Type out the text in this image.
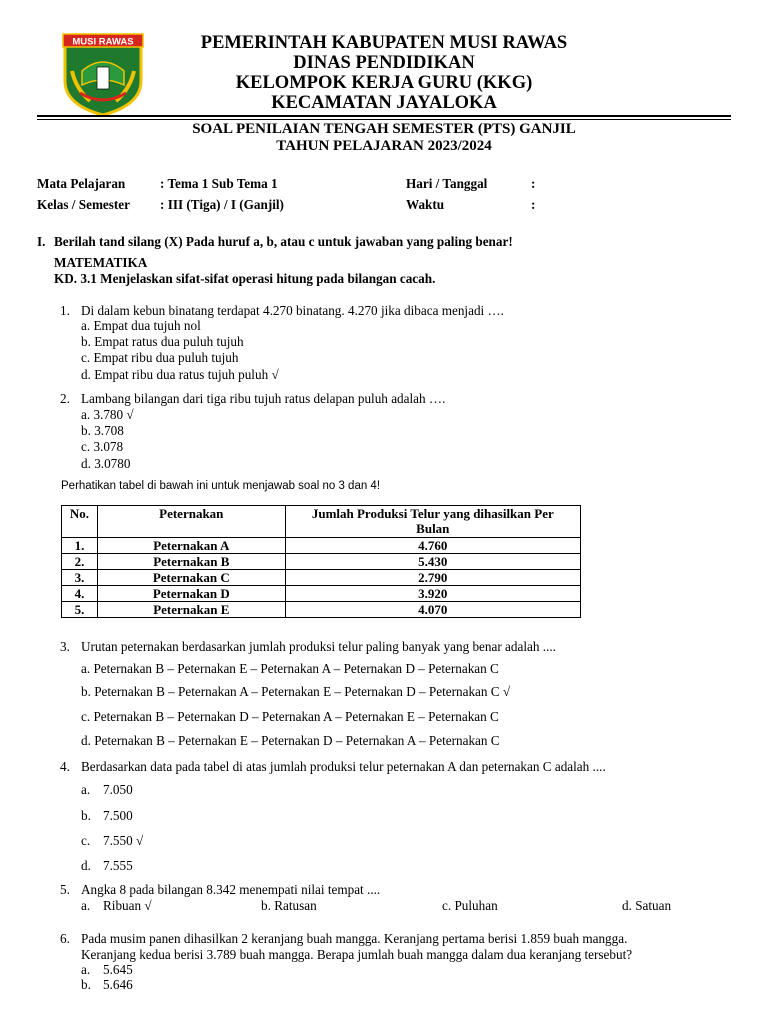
MUSI RAWAS	PEMERINTAH KABUPATEN MUSI RAWAS
DINAS PENDIDIKAN
KELOMPOK KERJA GURU (KKG)
KECAMATAN JAYALOKA
SOAL PENILAIAN TENGAH SEMESTER (PTS) GANJIL
TAHUN PELAJARAN 2023/2024
Mata Pelajaran	: Tema 1 Sub Tema 1	Hari / Tanggal	:
Kelas / Semester : III (Tiga) / I (Ganjil)	Waktu	:
I. Berilah tand silang (X) Pada huruf a, b, atau c untuk jawaban yang paling benar!
MATEMATIKA
KD. 3.1 Menjelaskan sifat-sifat operasi hitung pada bilangan cacah.
1. Di dalam kebun binatang terdapat 4.270 binatang. 4.270 jika dibaca menjadi ….
a. Empat dua tujuh nol
b. Empat ratus dua puluh tujuh
c. Empat ribu dua puluh tujuh
d. Empat ribu dua ratus tujuh puluh √
2. Lambang bilangan dari tiga ribu tujuh ratus delapan puluh adalah ….
a. 3.780 √
b. 3.708
c. 3.078
d. 3.0780
Perhatikan tabel di bawah ini untuk menjawab soal no 3 dan 4!
No.	Peternakan	Jumlah Produksi Telur yang dihasilkan Per Bulan
1.	Peternakan A	4.760
2.	Peternakan B	5.430
3.	Peternakan C	2.790
4.	Peternakan D	3.920
5.	Peternakan E	4.070
3. Urutan peternakan berdasarkan jumlah produksi telur paling banyak yang benar adalah ....
a. Peternakan B – Peternakan E – Peternakan A – Peternakan D – Peternakan C
b. Peternakan B – Peternakan A – Peternakan E – Peternakan D – Peternakan C √
c. Peternakan B – Peternakan D – Peternakan A – Peternakan E – Peternakan C
d. Peternakan B – Peternakan E – Peternakan D – Peternakan A – Peternakan C
4. Berdasarkan data pada tabel di atas jumlah produksi telur peternakan A dan peternakan C adalah ....
a. 7.050
b. 7.500
c. 7.550 √
d. 7.555
5. Angka 8 pada bilangan 8.342 menempati nilai tempat ....
a. Ribuan √	b. Ratusan	c. Puluhan	d. Satuan
6. Pada musim panen dihasilkan 2 keranjang buah mangga. Keranjang pertama berisi 1.859 buah mangga.
Keranjang kedua berisi 3.789 buah mangga. Berapa jumlah buah mangga dalam dua keranjang tersebut?
a. 5.645
b. 5.646
